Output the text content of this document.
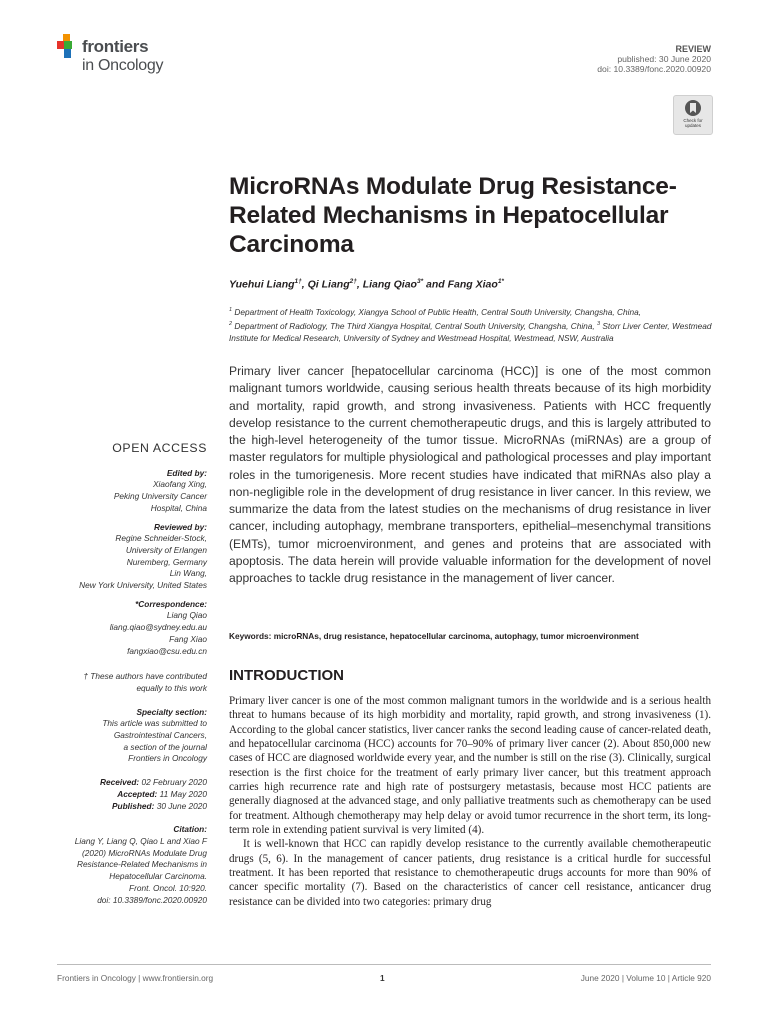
frontiers
in Oncology
REVIEW
published: 30 June 2020
doi: 10.3389/fonc.2020.00920
Check for
updates
MicroRNAs Modulate Drug Resistance-Related Mechanisms in Hepatocellular Carcinoma
Yuehui Liang$^{1\dagger}$, Qi Liang$^{2\dagger}$, Liang Qiao$^{3*}$ and Fang Xiao$^{1*}$
$^1$ Department of Health Toxicology, Xiangya School of Public Health, Central South University, Changsha, China,
$^2$ Department of Radiology, The Third Xiangya Hospital, Central South University, Changsha, China, $^3$ Storr Liver Center, Westmead Institute for Medical Research, University of Sydney and Westmead Hospital, Westmead, NSW, Australia
Primary liver cancer [hepatocellular carcinoma (HCC)] is one of the most common malignant tumors worldwide, causing serious health threats because of its high morbidity and mortality, rapid growth, and strong invasiveness. Patients with HCC frequently develop resistance to the current chemotherapeutic drugs, and this is largely attributed to the high-level heterogeneity of the tumor tissue. MicroRNAs (miRNAs) are a group of master regulators for multiple physiological and pathological processes and play important roles in the tumorigenesis. More recent studies have indicated that miRNAs also play a non-negligible role in the development of drug resistance in liver cancer. In this review, we summarize the data from the latest studies on the mechanisms of drug resistance in liver cancer, including autophagy, membrane transporters, epithelial–mesenchymal transitions (EMTs), tumor microenvironment, and genes and proteins that are associated with apoptosis. The data herein will provide valuable information for the development of novel approaches to tackle drug resistance in the management of liver cancer.
Keywords: microRNAs, drug resistance, hepatocellular carcinoma, autophagy, tumor microenvironment
INTRODUCTION

Primary liver cancer is one of the most common malignant tumors in the worldwide and is a serious health threat to humans because of its high morbidity and mortality, rapid growth, and strong invasiveness (1). According to the global cancer statistics, liver cancer ranks the second leading cause of cancer-related death, and hepatocellular carcinoma (HCC) accounts for 70–90% of primary liver cancer (2). About 850,000 new cases of HCC are diagnosed worldwide every year, and the number is still on the rise (3). Clinically, surgical resection is the first choice for the treatment of early primary liver cancer, but this treatment approach carries high recurrence rate and high rate of postsurgery metastasis, because most HCC patients are generally diagnosed at the advanced stage, and only palliative treatments such as chemotherapy can be used for treatment. Although chemotherapy may help delay or avoid tumor recurrence in the short term, its long-term role in extending patient survival is very limited (4).

It is well-known that HCC can rapidly develop resistance to the currently available chemotherapeutic drugs (5, 6). In the management of cancer patients, drug resistance is a critical hurdle for successful treatment. It has been reported that resistance to chemotherapeutic drugs accounts for more than 90% of cancer specific mortality (7). Based on the characteristics of cancer cell resistance, anticancer drug resistance can be divided into two categories: primary drug

OPEN ACCESS
Edited by:
Xiaofang Xing,
Peking University Cancer
Hospital, China
Reviewed by:
Regine Schneider-Stock,
University of Erlangen
Nuremberg, Germany
Lin Wang,
New York University, United States
*Correspondence:
Liang Qiao
liang.qiao@sydney.edu.au
Fang Xiao
fangxiao@csu.edu.cn
† These authors have contributed
equally to this work
Specialty section:
This article was submitted to
Gastrointestinal Cancers,
a section of the journal
Frontiers in Oncology
Received: 02 February 2020
Accepted: 11 May 2020
Published: 30 June 2020
Citation:
Liang Y, Liang Q, Qiao L and Xiao F
(2020) MicroRNAs Modulate Drug
Resistance-Related Mechanisms in
Hepatocellular Carcinoma.
Front. Oncol. 10:920.
doi: 10.3389/fonc.2020.00920
Frontiers in Oncology | www.frontiersin.org	1	June 2020 | Volume 10 | Article 920
